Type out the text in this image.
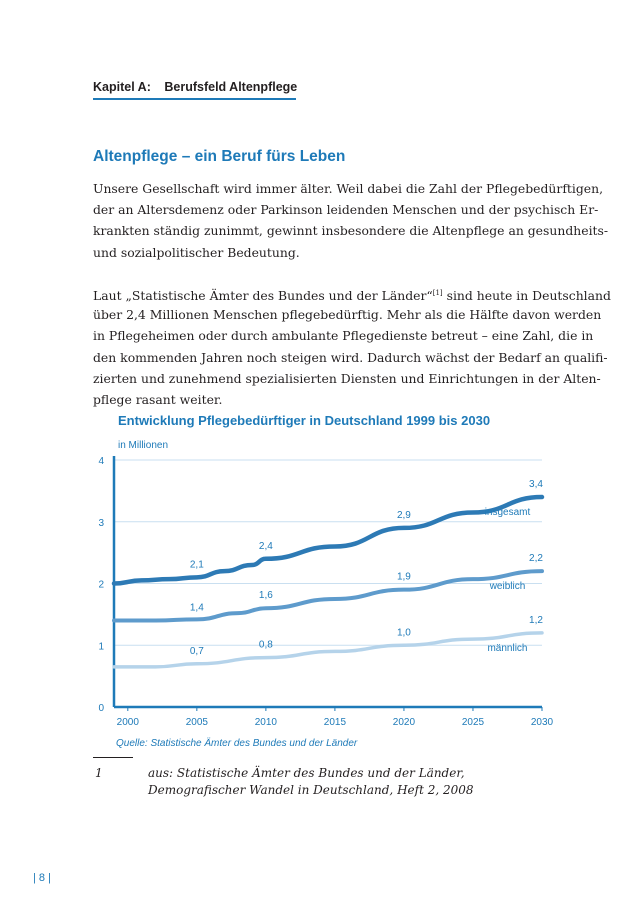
Kapitel A: Berufsfeld Altenpflege
Altenpflege – ein Beruf fürs Leben
Unsere Gesellschaft wird immer älter. Weil dabei die Zahl der Pflegebedürftigen,
der an Altersdemenz oder Parkinson leidenden Menschen und der psychisch Er-
krankten ständig zunimmt, gewinnt insbesondere die Altenpflege an gesundheits-
und sozialpolitischer Bedeutung.
Laut „Statistische Ämter des Bundes und der Länder“[1] sind heute in Deutschland
über 2,4 Millionen Menschen pflegebedürftig. Mehr als die Hälfte davon werden
in Pflegeheimen oder durch ambulante Pflegedienste betreut – eine Zahl, die in
den kommenden Jahren noch steigen wird. Dadurch wächst der Bedarf an qualifi-
zierten und zunehmend spezialisierten Diensten und Einrichtungen in der Alten-
pflege rasant weiter.
Entwicklung Pflegebedürftiger in Deutschland 1999 bis 2030
in Millionen
0
1
2
3
4
2000	2005	2010	2015	2020	2025	2030
2,1
2,4
2,9
3,4
insgesamt
1,4
1,6
1,9
2,2
weiblich
0,7
0,8
1,0
1,2
männlich
Quelle: Statistische Ämter des Bundes und der Länder
1	aus: Statistische Ämter des Bundes und der Länder,
Demografischer Wandel in Deutschland, Heft 2, 2008
| 8 |
